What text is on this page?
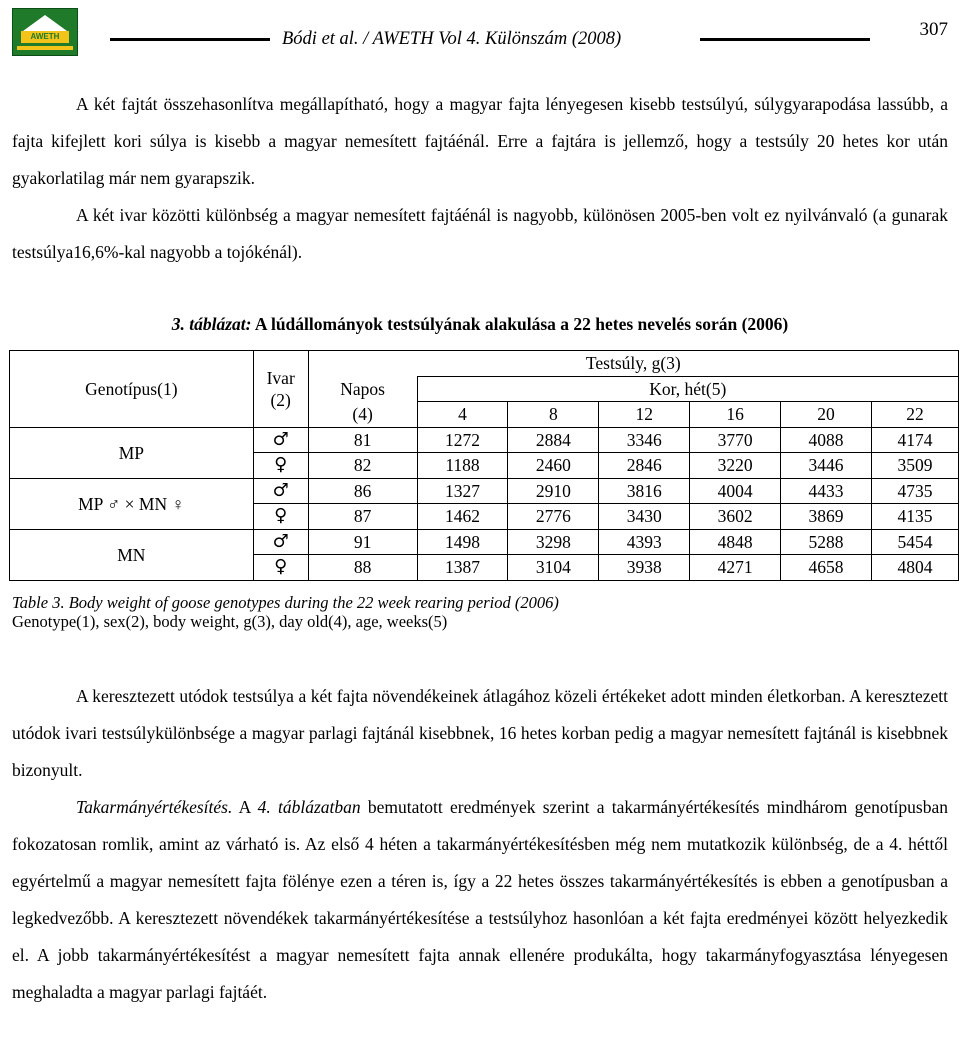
AWETH	Bódi et al. / AWETH Vol 4. Különszám (2008)	307

A két fajtát összehasonlítva megállapítható, hogy a magyar fajta lényegesen kisebb testsúlyú, súlygyarapodása lassúbb, a fajta kifejlett kori súlya is kisebb a magyar nemesített fajtáénál. Erre a fajtára is jellemző, hogy a testsúly 20 hetes kor után gyakorlatilag már nem gyarapszik.

A két ivar közötti különbség a magyar nemesített fajtáénál is nagyobb, különösen 2005-ben volt ez nyilvánvaló (a gunarak testsúlya16,6%-kal nagyobb a tojókénál).

3. táblázat: A lúdállományok testsúlyának alakulása a 22 hetes nevelés során (2006)
Genotípus(1)	Ivar (2)	Testsúly, g(3)						
		Napos	Kor, hét(5)					
		(4)	4	8	12	16	20	22
MP	♂	81	1272	2884	3346	3770	4088	4174
	♀	82	1188	2460	2846	3220	3446	3509
MP ♂ × MN ♀	♂	86	1327	2910	3816	4004	4433	4735
	♀	87	1462	2776	3430	3602	3869	4135
MN	♂	91	1498	3298	4393	4848	5288	5454
	♀	88	1387	3104	3938	4271	4658	4804
Table 3. Body weight of goose genotypes during the 22 week rearing period (2006)
Genotype(1), sex(2), body weight, g(3), day old(4), age, weeks(5)

A keresztezett utódok testsúlya a két fajta növendékeinek átlagához közeli értékeket adott minden életkorban. A keresztezett utódok ivari testsúlykülönbsége a magyar parlagi fajtánál kisebbnek, 16 hetes korban pedig a magyar nemesített fajtánál is kisebbnek bizonyult.

Takarmányértékesítés. A 4. táblázatban bemutatott eredmények szerint a takarmányértékesítés mindhárom genotípusban fokozatosan romlik, amint az várható is. Az első 4 héten a takarmányértékesítésben még nem mutatkozik különbség, de a 4. héttől egyértelmű a magyar nemesített fajta fölénye ezen a téren is, így a 22 hetes összes takarmányértékesítés is ebben a genotípusban a legkedvezőbb. A keresztezett növendékek takarmányértékesítése a testsúlyhoz hasonlóan a két fajta eredményei között helyezkedik el. A jobb takarmányértékesítést a magyar nemesített fajta annak ellenére produkálta, hogy takarmányfogyasztása lényegesen meghaladta a magyar parlagi fajtáét.
